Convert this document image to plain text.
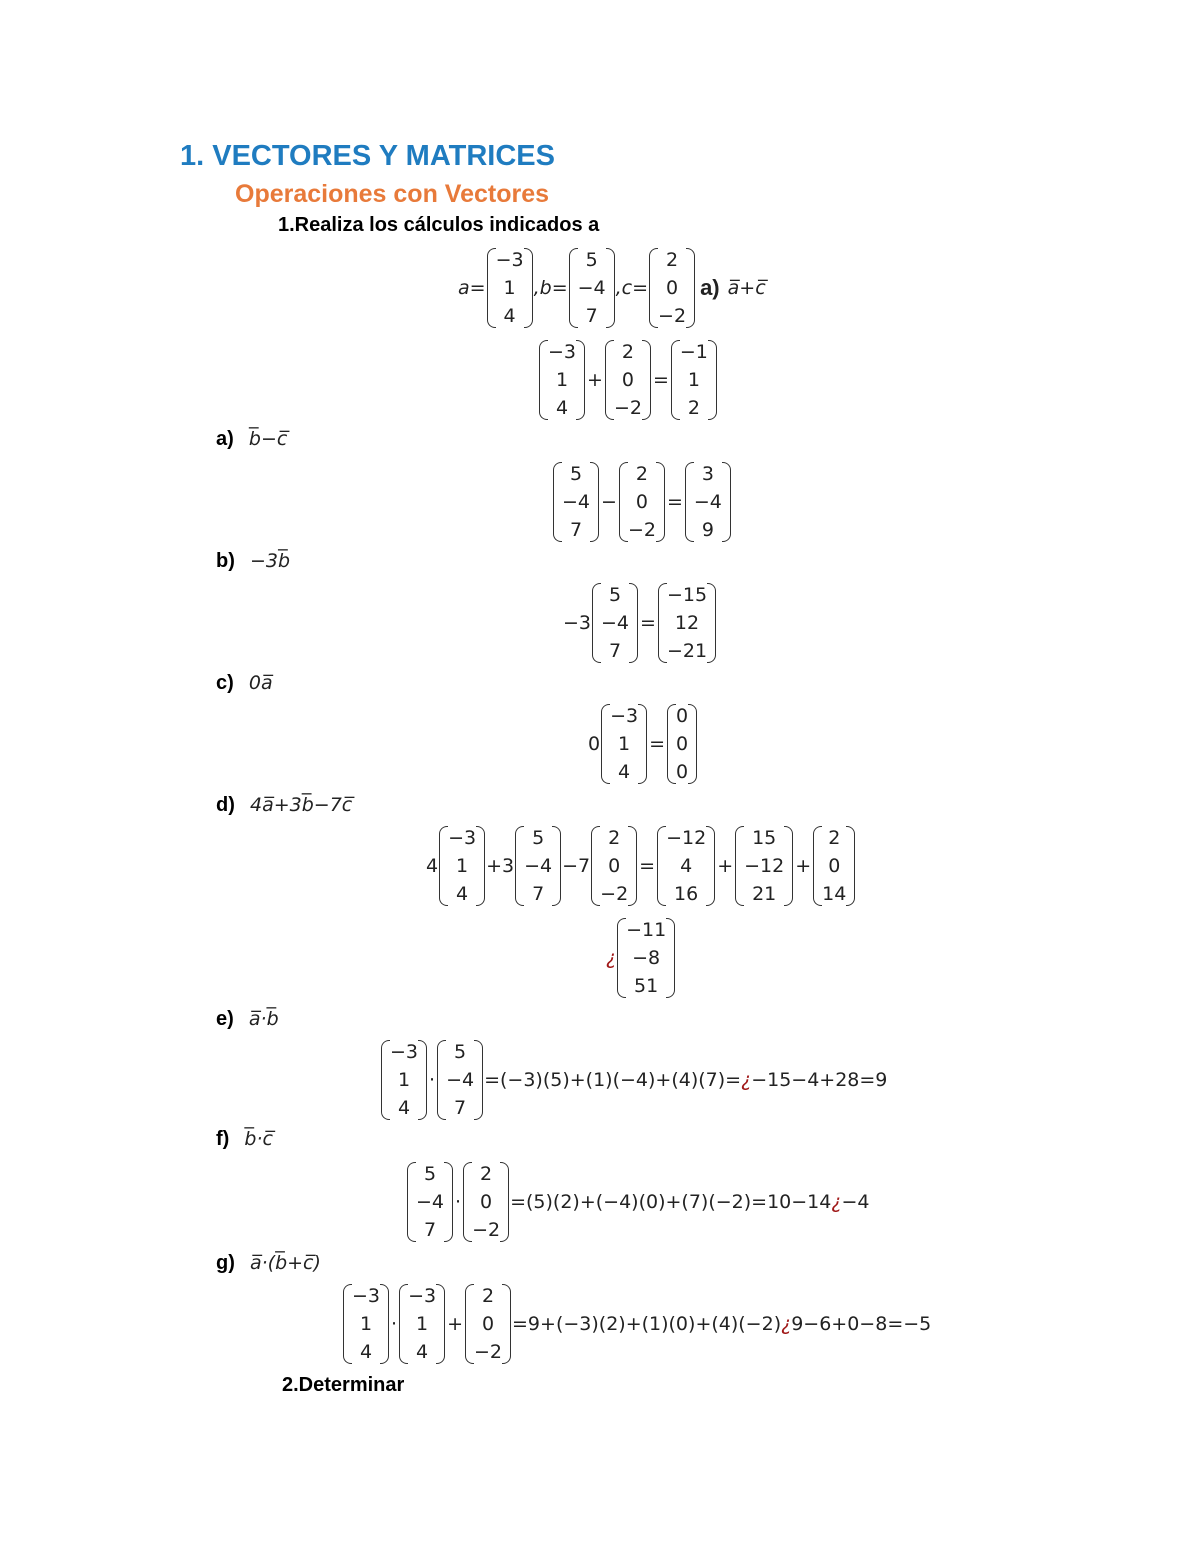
1. VECTORES Y MATRICES
Operaciones con Vectores
1.Realiza los cálculos indicados a
a=
−3
1
4
,b=
5
−4
7
,c=
2
0
−2
a) a̅+c̅
−3
1
4
+
2
0
−2
=
−1
1
2
a) b̅−c̅
5
−4
7
−
2
0
−2
=
3
−4
9
b) −3b̅
−3
5
−4
7
=
−15
12
−21
c) 0a̅
0
−3
1
4
=
0
0
0
d) 4a̅+3b̅−7c̅
4
−3
1
4
+3
5
−4
7
−7
2
0
−2
=
−12
4
16
+
15
−12
21
+
2
0
14
¿
−11
−8
51
e) a̅·b̅
−3
1
4
·
5
−4
7
=(−3)(5)+(1)(−4)+(4)(7)= ¿ −15−4+28=9
f) b̅·c̅
5
−4
7
·
2
0
−2
=(5)(2)+(−4)(0)+(7)(−2)=10−14 ¿ −4
g) a̅·(b̅+c̅)
−3
1
4
·
−3
1
4
+
2
0
−2
=9+(−3)(2)+(1)(0)+(4)(−2) ¿ 9−6+0−8=−5
2.Determinar
